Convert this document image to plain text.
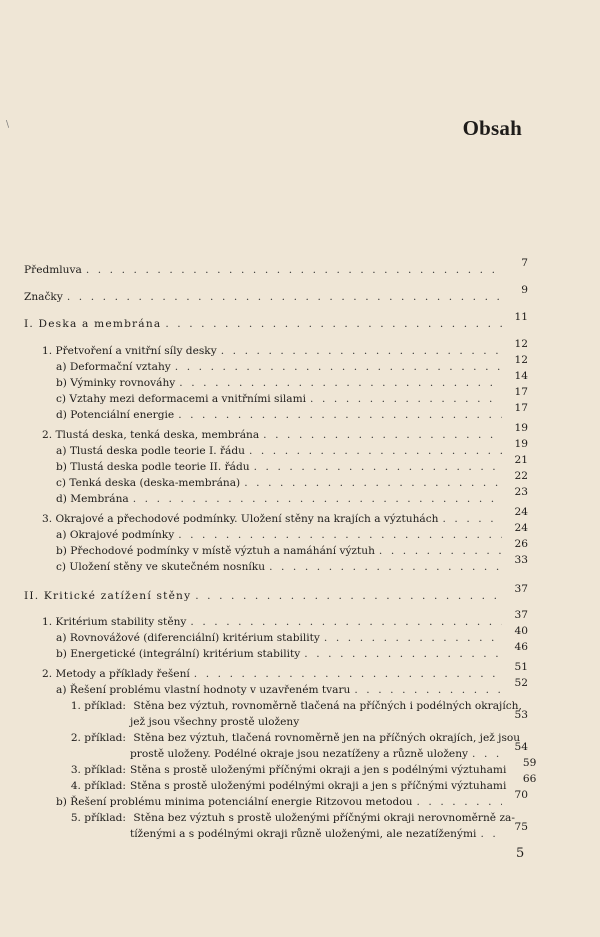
\	Obsah
Předmluva
. . .
7
Značky
. . .
9
I. Deska a membrána
. . .
11
1. Přetvoření a vnitřní síly desky
. . .
12
a) Deformační vztahy
. . .
12
b) Výminky rovnováhy
. . .
14
c) Vztahy mezi deformacemi a vnitřními silami
. . .
17
d) Potenciální energie
. . .
17
2. Tlustá deska, tenká deska, membrána
. . .
19
a) Tlustá deska podle teorie I. řádu
. . .
19
b) Tlustá deska podle teorie II. řádu
. . .
21
c) Tenká deska (deska-membrána)
. . .
22
d) Membrána
. . .
23
3. Okrajové a přechodové podmínky. Uložení stěny na krajích a výztuhách
. . .
24
a) Okrajové podmínky
. . .
24
b) Přechodové podmínky v místě výztuh a namáhání výztuh
. . .
26
c) Uložení stěny ve skutečném nosníku
. . .
33
II. Kritické zatížení stěny
. . .
37
1. Kritérium stability stěny
. . .
37
a) Rovnovážové (diferenciální) kritérium stability
. . .
40
b) Energetické (integrální) kritérium stability
. . .
46
2. Metody a příklady řešení
. . .
51
a) Řešení problému vlastní hodnoty v uzavřeném tvaru
. . .
52
1. příklad: Stěna bez výztuh, rovnoměrně tlačená na příčných i podélných okrajích,
jež jsou všechny prostě uloženy
53
2. příklad: Stěna bez výztuh, tlačená rovnoměrně jen na příčných okrajích, jež jsou
prostě uloženy. Podélné okraje jsou nezatíženy a různě uloženy
. . .
54
3. příklad: Stěna s prostě uloženými příčnými okraji a jen s podélnými výztuhami
59
4. příklad: Stěna s prostě uloženými podélnými okraji a jen s příčnými výztuhami
66
b) Řešení problému minima potenciální energie Ritzovou metodou
. . .
70
5. příklad: Stěna bez výztuh s prostě uloženými příčnými okraji nerovnoměrně za-
tíženými a s podélnými okraji různě uloženými, ale nezatíženými
. . .
75
5
